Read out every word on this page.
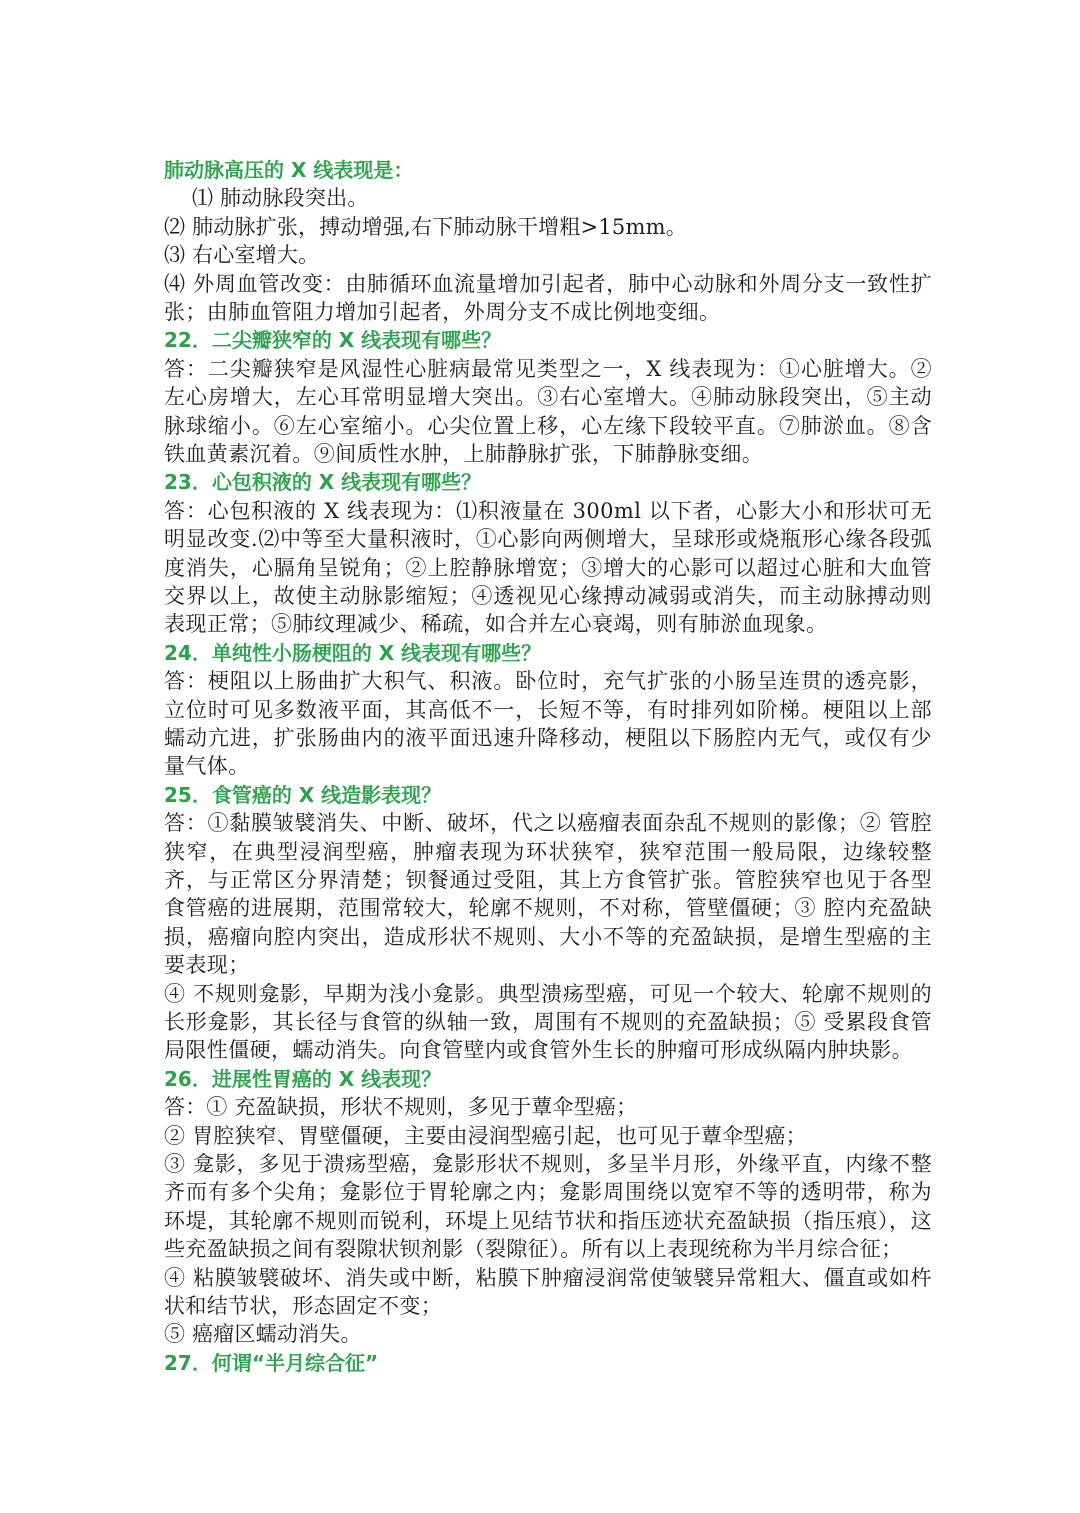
肺动脉高压的 X 线表现是：
⑴ 肺动脉段突出。
⑵ 肺动脉扩张，搏动增强,右下肺动脉干增粗>15mm。
⑶ 右心室增大。
⑷ 外周血管改变：由肺循环血流量增加引起者，肺中心动脉和外周分支一致性扩张；由肺血管阻力增加引起者，外周分支不成比例地变细。
22．二尖瓣狭窄的 X 线表现有哪些？
答：二尖瓣狭窄是风湿性心脏病最常见类型之一，X 线表现为：①心脏增大。②左心房增大，左心耳常明显增大突出。③右心室增大。④肺动脉段突出，⑤主动脉球缩小。⑥左心室缩小。心尖位置上移，心左缘下段较平直。⑦肺淤血。⑧含铁血黄素沉着。⑨间质性水肿，上肺静脉扩张，下肺静脉变细。
23．心包积液的 X 线表现有哪些？
答：心包积液的 X 线表现为：⑴积液量在 300ml 以下者，心影大小和形状可无明显改变.⑵中等至大量积液时，①心影向两侧增大，呈球形或烧瓶形心缘各段弧度消失，心膈角呈锐角；②上腔静脉增宽；③增大的心影可以超过心脏和大血管交界以上，故使主动脉影缩短；④透视见心缘搏动减弱或消失，而主动脉搏动则表现正常；⑤肺纹理减少、稀疏，如合并左心衰竭，则有肺淤血现象。
24．单纯性小肠梗阻的 X 线表现有哪些？
答：梗阻以上肠曲扩大积气、积液。卧位时，充气扩张的小肠呈连贯的透亮影，立位时可见多数液平面，其高低不一，长短不等，有时排列如阶梯。梗阻以上部蠕动亢进，扩张肠曲内的液平面迅速升降移动，梗阻以下肠腔内无气，或仅有少量气体。
25．食管癌的 X 线造影表现？
答：①黏膜皱襞消失、中断、破坏，代之以癌瘤表面杂乱不规则的影像；② 管腔狭窄，在典型浸润型癌，肿瘤表现为环状狭窄，狭窄范围一般局限，边缘较整齐，与正常区分界清楚；钡餐通过受阻，其上方食管扩张。管腔狭窄也见于各型食管癌的进展期，范围常较大，轮廓不规则，不对称，管壁僵硬；③ 腔内充盈缺损，癌瘤向腔内突出，造成形状不规则、大小不等的充盈缺损，是增生型癌的主要表现；
④ 不规则龛影，早期为浅小龛影。典型溃疡型癌，可见一个较大、轮廓不规则的长形龛影，其长径与食管的纵轴一致，周围有不规则的充盈缺损；⑤ 受累段食管局限性僵硬，蠕动消失。向食管壁内或食管外生长的肿瘤可形成纵隔内肿块影。
26．进展性胃癌的 X 线表现？
答：① 充盈缺损，形状不规则，多见于蕈伞型癌；
② 胃腔狭窄、胃壁僵硬，主要由浸润型癌引起，也可见于蕈伞型癌；
③ 龛影，多见于溃疡型癌，龛影形状不规则，多呈半月形，外缘平直，内缘不整齐而有多个尖角；龛影位于胃轮廓之内；龛影周围绕以宽窄不等的透明带，称为环堤，其轮廓不规则而锐利，环堤上见结节状和指压迹状充盈缺损（指压痕），这些充盈缺损之间有裂隙状钡剂影（裂隙征）。所有以上表现统称为半月综合征；
④ 粘膜皱襞破坏、消失或中断，粘膜下肿瘤浸润常使皱襞异常粗大、僵直或如杵状和结节状，形态固定不变；
⑤ 癌瘤区蠕动消失。
27．何谓“半月综合征”
